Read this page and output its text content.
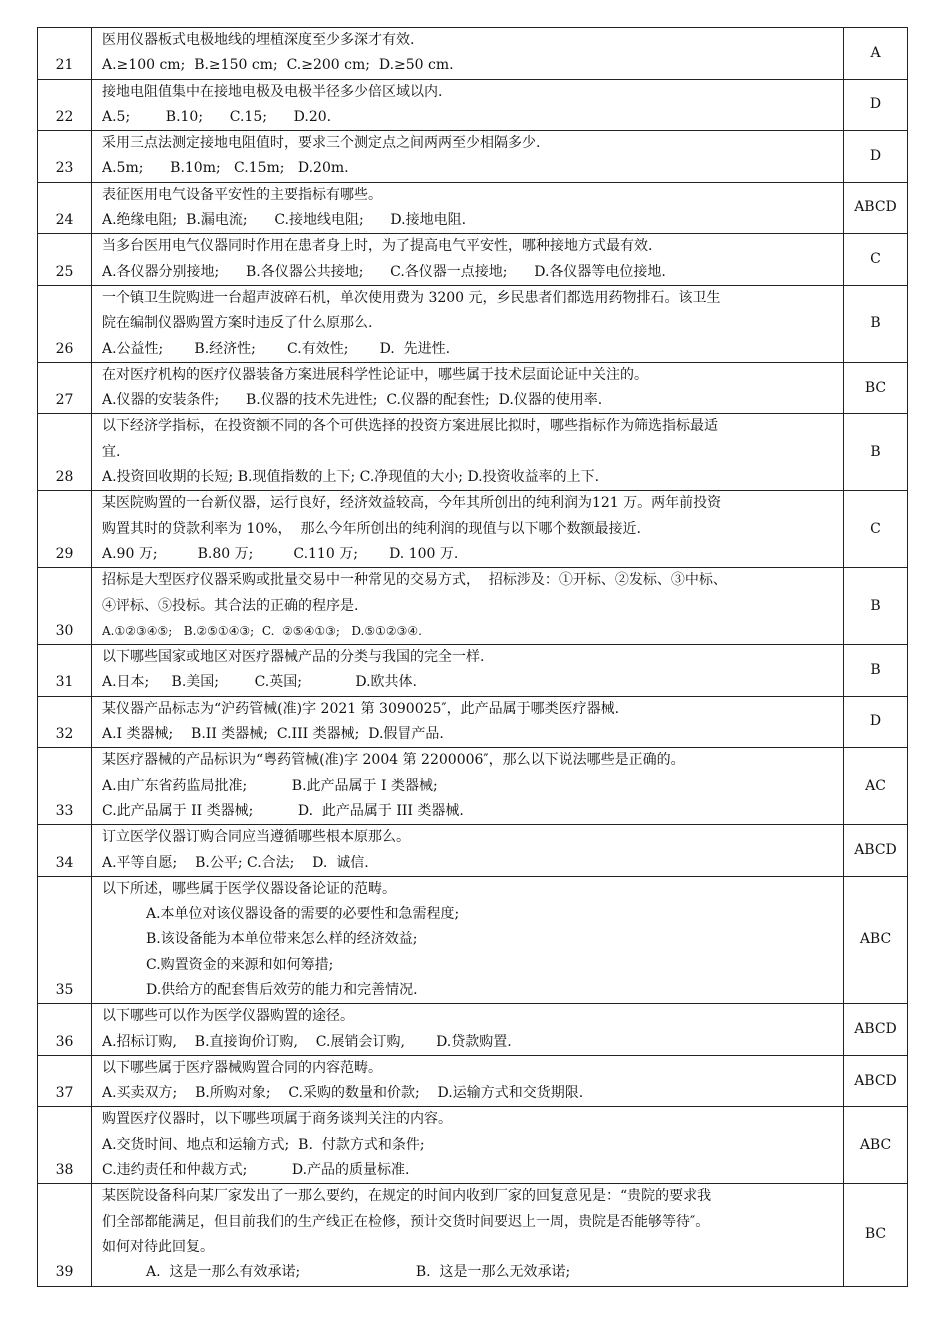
21	医用仪器板式电极地线的埋植深度至少多深才有效.
A.≥100 cm;  B.≥150 cm;  C.≥200 cm;  D.≥50 cm.	A
22	接地电阻值集中在接地电极及电极半径多少倍区域以内.
A.5;        B.10;      C.15;      D.20.	D
23	采用三点法测定接地电阻值时，要求三个测定点之间两两至少相隔多少.
A.5m;      B.10m;   C.15m;   D.20m.	D
24	表征医用电气设备平安性的主要指标有哪些。
A.绝缘电阻;  B.漏电流;      C.接地线电阻;      D.接地电阻.	ABCD
25	当多台医用电气仪器同时作用在患者身上时，为了提高电气平安性，哪种接地方式最有效.
A.各仪器分别接地;      B.各仪器公共接地;      C.各仪器一点接地;      D.各仪器等电位接地.	C
26	一个镇卫生院购进一台超声波碎石机，单次使用费为 3200 元，乡民患者们都选用药物排石。该卫生
院在编制仪器购置方案时违反了什么原那么.
A.公益性;       B.经济性;       C.有效性;       D.  先进性.	B
27	在对医疗机构的医疗仪器装备方案进展科学性论证中，哪些属于技术层面论证中关注的。
A.仪器的安装条件;      B.仪器的技术先进性;  C.仪器的配套性;  D.仪器的使用率.	BC
28	以下经济学指标，在投资额不同的各个可供选择的投资方案进展比拟时，哪些指标作为筛选指标最适
宜.
A.投资回收期的长短; B.现值指数的上下; C.净现值的大小; D.投资收益率的上下.	B
29	某医院购置的一台新仪器，运行良好，经济效益较高，今年其所创出的纯利润为121 万。两年前投资
购置其时的贷款利率为 10%，  那么今年所创出的纯利润的现值与以下哪个数额最接近.
A.90 万;         B.80 万;         C.110 万;       D. 100 万.	C
30	招标是大型医疗仪器采购或批量交易中一种常见的交易方式，  招标涉及：①开标、②发标、③中标、
④评标、⑤投标。其合法的正确的程序是.
A.①②③④⑤;   B.②⑤①④③;  C.  ②⑤④①③;   D.⑤①②③④.	B
31	以下哪些国家或地区对医疗器械产品的分类与我国的完全一样.
A.日本;     B.美国;        C.英国;            D.欧共体.	B
32	某仪器产品标志为“沪药管械(准)字 2021 第 3090025″，此产品属于哪类医疗器械.
A.I 类器械;    B.II 类器械;  C.III 类器械;  D.假冒产品.	D
33	某医疗器械的产品标识为“粤药管械(准)字 2004 第 2200006″，那么以下说法哪些是正确的。
A.由广东省药监局批准;          B.此产品属于 I 类器械;
C.此产品属于 II 类器械;          D.  此产品属于 III 类器械.	AC
34	订立医学仪器订购合同应当遵循哪些根本原那么。
A.平等自愿;    B.公平; C.合法;    D.  诚信.	ABCD
35	以下所述，哪些属于医学仪器设备论证的范畴。
A.本单位对该仪器设备的需要的必要性和急需程度;
B.该设备能为本单位带来怎么样的经济效益;
C.购置资金的来源和如何筹措;
D.供给方的配套售后效劳的能力和完善情况.	ABC
36	以下哪些可以作为医学仪器购置的途径。
A.招标订购,    B.直接询价订购,    C.展销会订购,       D.贷款购置.	ABCD
37	以下哪些属于医疗器械购置合同的内容范畴。
A.买卖双方;    B.所购对象;    C.采购的数量和价款;    D.运输方式和交货期限.	ABCD
38	购置医疗仪器时，以下哪些项属于商务谈判关注的内容。
A.交货时间、地点和运输方式;  B.  付款方式和条件;
C.违约责任和仲裁方式;          D.产品的质量标准.	ABC
39	某医院设备科向某厂家发出了一那么要约，在规定的时间内收到厂家的回复意见是：“贵院的要求我
们全部都能满足，但目前我们的生产线正在检修，预计交货时间要迟上一周，贵院是否能够等待″。
如何对待此回复。
A.  这是一那么有效承诺;                          B.  这是一那么无效承诺;	BC
